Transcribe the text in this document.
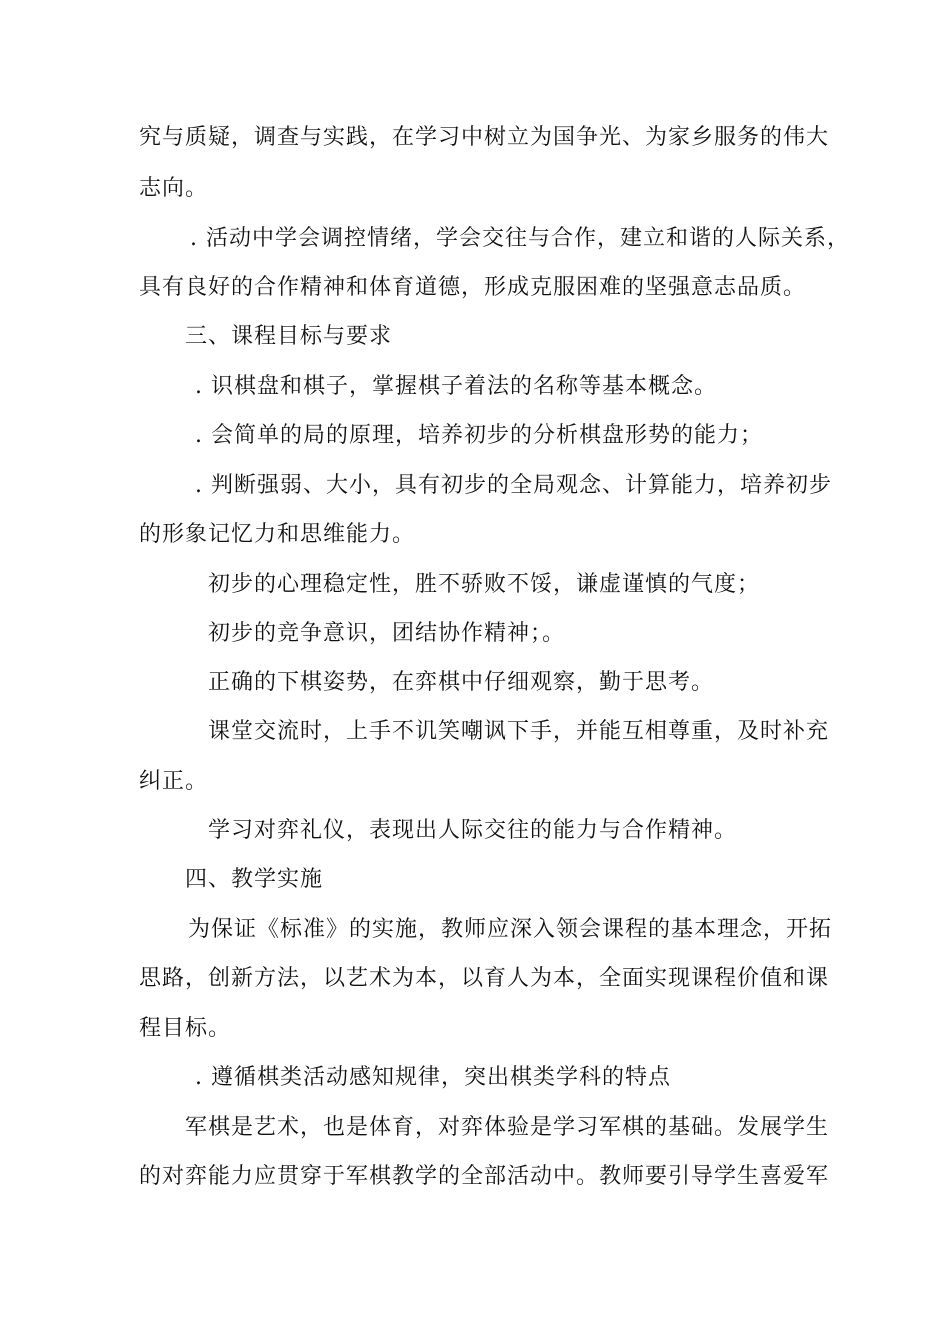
究与质疑，调查与实践，在学习中树立为国争光、为家乡服务的伟大
志向。
. 活动中学会调控情绪，学会交往与合作，建立和谐的人际关系，
具有良好的合作精神和体育道德，形成克服困难的坚强意志品质。
三、课程目标与要求
. 识棋盘和棋子，掌握棋子着法的名称等基本概念。
. 会简单的局的原理，培养初步的分析棋盘形势的能力；
. 判断强弱、大小，具有初步的全局观念、计算能力，培养初步
的形象记忆力和思维能力。
初步的心理稳定性，胜不骄败不馁，谦虚谨慎的气度；
初步的竞争意识，团结协作精神；。
正确的下棋姿势，在弈棋中仔细观察，勤于思考。
课堂交流时，上手不讥笑嘲讽下手，并能互相尊重，及时补充
纠正。
学习对弈礼仪，表现出人际交往的能力与合作精神。
四、教学实施
为保证《标准》的实施，教师应深入领会课程的基本理念，开拓
思路，创新方法，以艺术为本，以育人为本，全面实现课程价值和课
程目标。
. 遵循棋类活动感知规律，突出棋类学科的特点
军棋是艺术，也是体育，对弈体验是学习军棋的基础。发展学生
的对弈能力应贯穿于军棋教学的全部活动中。教师要引导学生喜爱军
